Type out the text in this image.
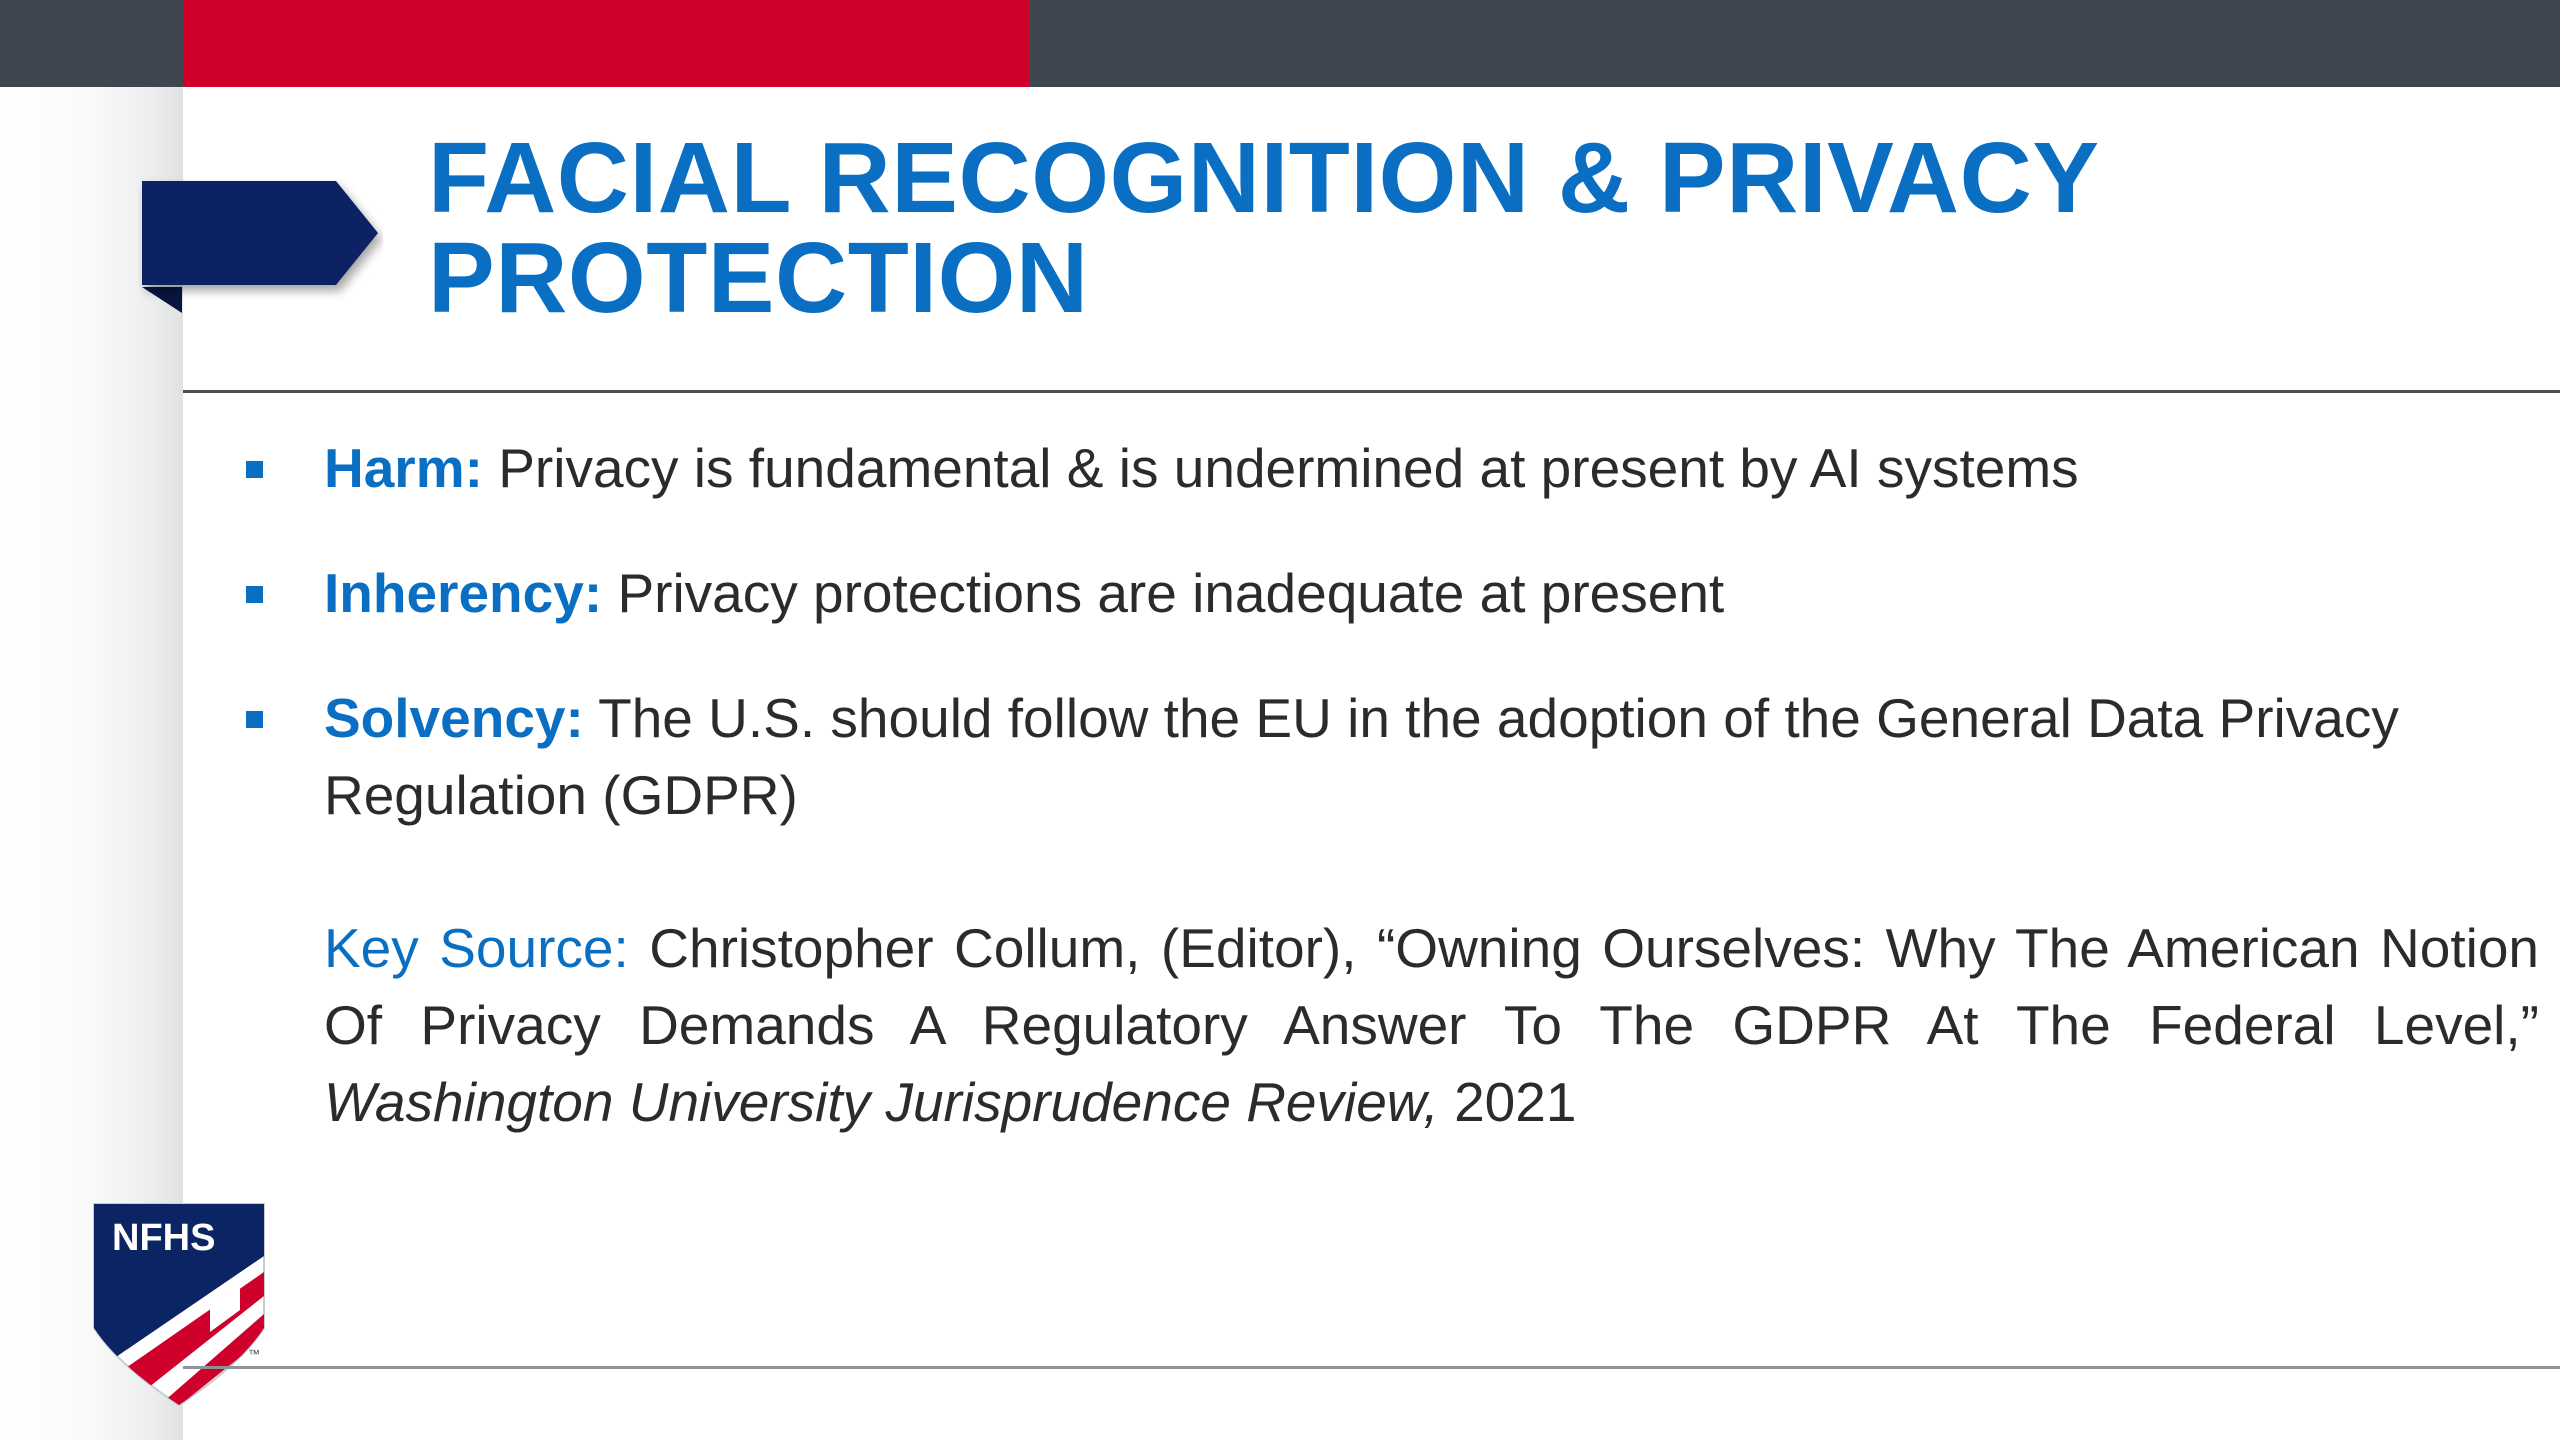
FACIAL RECOGNITION & PRIVACY PROTECTION
Harm: Privacy is fundamental & is undermined at present by AI systems
Inherency: Privacy protections are inadequate at present
Solvency: The U.S. should follow the EU in the adoption of the General Data Privacy Regulation (GDPR)

Key Source: Christopher Collum, (Editor), “Owning Ourselves: Why The American Notion Of Privacy Demands A Regulatory Answer To The GDPR At The Federal Level,” Washington University Jurisprudence Review, 2021

NFHS
™
